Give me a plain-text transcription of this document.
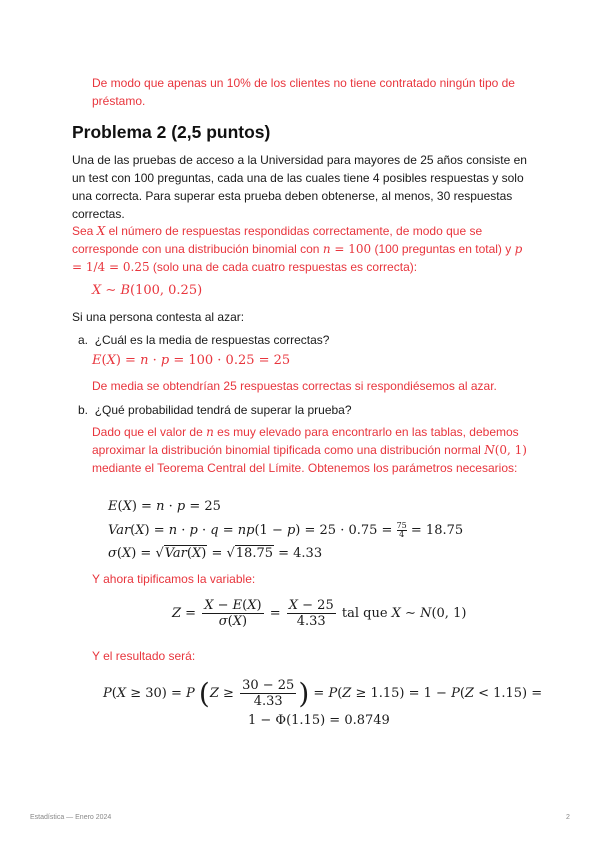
De modo que apenas un 10% de los clientes no tiene contratado ningún tipo de préstamo.
Problema 2 (2,5 puntos)
Una de las pruebas de acceso a la Universidad para mayores de 25 años consiste en un test con 100 preguntas, cada una de las cuales tiene 4 posibles respuestas y solo una correcta. Para superar esta prueba deben obtenerse, al menos, 30 respuestas correctas.
Sea X el número de respuestas respondidas correctamente, de modo que se corresponde con una distribución binomial con n = 100 (100 preguntas en total) y p = 1/4 = 0.25 (solo una de cada cuatro respuestas es correcta):
X ∼ B(100, 0.25)
Si una persona contesta al azar:
a. ¿Cuál es la media de respuestas correctas?
E(X) = n · p = 100 · 0.25 = 25
De media se obtendrían 25 respuestas correctas si respondiésemos al azar.
b. ¿Qué probabilidad tendrá de superar la prueba?
Dado que el valor de n es muy elevado para encontrarlo en las tablas, debemos aproximar la distribución binomial tipificada como una distribución normal N(0, 1) mediante el Teorema Central del Límite. Obtenemos los parámetros necesarios:
E(X) = n · p = 25
$Var(X) = n \cdot p \cdot q = np(1 - p) = 25 \cdot 0.75 = \frac{75}{4} = 18.75$
σ(X) = √Var(X) = √18.75 = 4.33
Y ahora tipificamos la variable:
$Z = \frac{X - E(X)}{\sigma(X)} = \frac{X - 25}{4.33}$ tal que X ∼ N(0, 1)
Y el resultado será:
P(X ≥ 30) = P ($Z \ge \frac{30 - 25}{4.33}$ ) = P(Z ≥ 1.15) = 1 − P(Z < 1.15) =
1 − Φ(1.15) = 0.8749
Estadística — Enero 2024	2
